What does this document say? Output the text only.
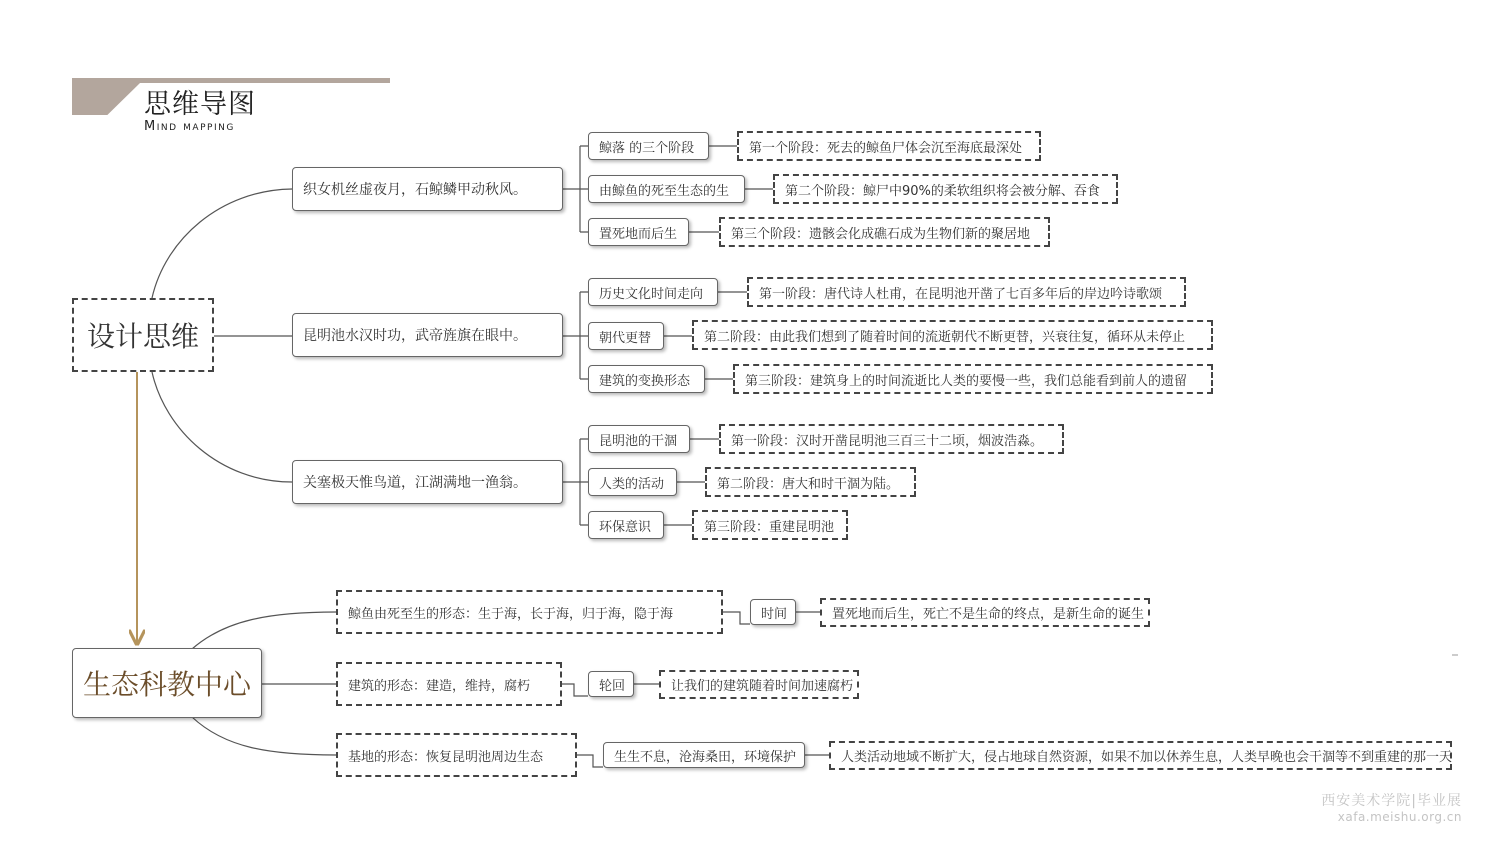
思维导图
Mind mapping
设计思维
生态科教中心
织女机丝虚夜月，石鲸鳞甲动秋风。
昆明池水汉时功，武帝旌旗在眼中。
关塞极天惟鸟道，江湖满地一渔翁。
鲸落 的三个阶段	第一个阶段：死去的鲸鱼尸体会沉至海底最深处
由鲸鱼的死至生态的生	第二个阶段：鲸尸中90%的柔软组织将会被分解、吞食
置死地而后生	第三个阶段：遗骸会化成礁石成为生物们新的聚居地
历史文化时间走向	第一阶段：唐代诗人杜甫，在昆明池开凿了七百多年后的岸边吟诗歌颂
朝代更替	第二阶段：由此我们想到了随着时间的流逝朝代不断更替，兴衰往复，循环从未停止
建筑的变换形态	第三阶段：建筑身上的时间流逝比人类的要慢一些，我们总能看到前人的遗留
昆明池的干涸	第一阶段：汉时开凿昆明池三百三十二顷，烟波浩淼。
人类的活动	第二阶段：唐大和时干涸为陆。
环保意识	第三阶段：重建昆明池
鲸鱼由死至生的形态：生于海，长于海，归于海，隐于海	时间	置死地而后生，死亡不是生命的终点，是新生命的诞生
建筑的形态：建造，维持，腐朽	轮回	让我们的建筑随着时间加速腐朽
基地的形态：恢复昆明池周边生态	生生不息，沧海桑田，环境保护	人类活动地域不断扩大，侵占地球自然资源，如果不加以休养生息，人类早晚也会干涸等不到重建的那一天
西安美术学院|毕业展
xafa.meishu.org.cn
